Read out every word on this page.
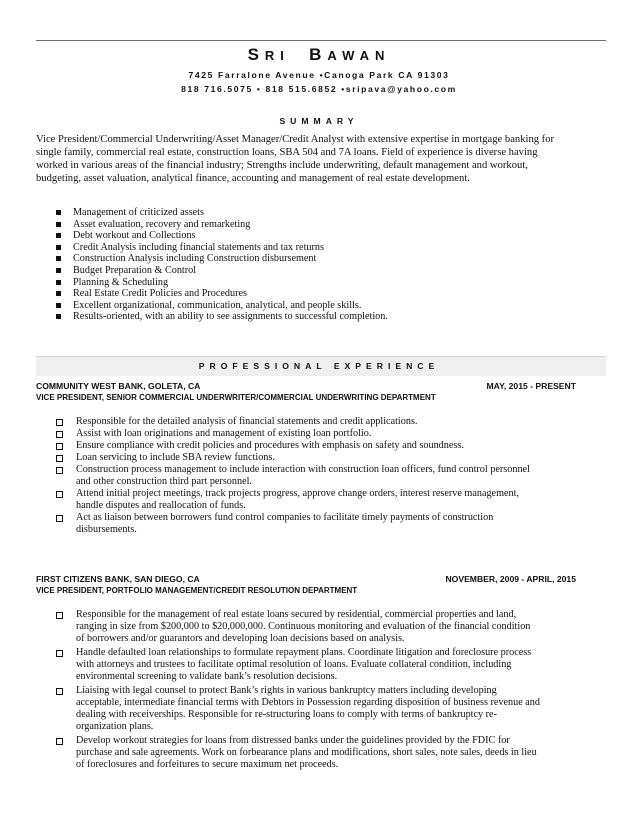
SRI BAWAN
7425 Farralone Avenue •Canoga Park CA 91303
818 716.5075 • 818 515.6852 •sripava@yahoo.com
SUMMARY
Vice President/Commercial Underwriting/Asset Manager/Credit Analyst with extensive expertise in mortgage banking for
single family, commercial real estate, construction loans, SBA 504 and 7A loans. Field of experience is diverse having
worked in various areas of the financial industry; Strengths include underwriting, default management and workout,
budgeting, asset valuation, analytical finance, accounting and management of real estate development.
Management of criticized assets
Asset evaluation, recovery and remarketing
Debt workout and Collections
Credit Analysis including financial statements and tax returns
Construction Analysis including Construction disbursement
Budget Preparation & Control
Planning & Scheduling
Real Estate Credit Policies and Procedures
Excellent organizational, communication, analytical, and people skills.
Results-oriented, with an ability to see assignments to successful completion.
PROFESSIONAL EXPERIENCE
COMMUNITY WEST BANK, GOLETA, CA	MAY, 2015 - PRESENT
VICE PRESIDENT, SENIOR COMMERCIAL UNDERWRITER/COMMERCIAL UNDERWRITING DEPARTMENT
Responsible for the detailed analysis of financial statements and credit applications.
Assist with loan originations and management of existing loan portfolio.
Ensure compliance with credit policies and procedures with emphasis on safety and soundness.
Loan servicing to include SBA review functions.
Construction process management to include interaction with construction loan officers, fund control personnel
and other construction third part personnel.
Attend initial project meetings, track projects progress, approve change orders, interest reserve management,
handle disputes and reallocation of funds.
Act as liaison between borrowers fund control companies to facilitate timely payments of construction
disbursements.
FIRST CITIZENS BANK, SAN DIEGO, CA	NOVEMBER, 2009 - APRIL, 2015
VICE PRESIDENT, PORTFOLIO MANAGEMENT/CREDIT RESOLUTION DEPARTMENT
Responsible for the management of real estate loans secured by residential, commercial properties and land,
ranging in size from $200,000 to $20,000,000. Continuous monitoring and evaluation of the financial condition
of borrowers and/or guarantors and developing loan decisions based on analysis.
Handle defaulted loan relationships to formulate repayment plans. Coordinate litigation and foreclosure process
with attorneys and trustees to facilitate optimal resolution of loans. Evaluate collateral condition, including
environmental screening to validate bank’s resolution decisions.
Liaising with legal counsel to protect Bank’s rights in various bankruptcy matters including developing
acceptable, intermediate financial terms with Debtors in Possession regarding disposition of business revenue and
dealing with receiverships. Responsible for re-structuring loans to comply with terms of bankruptcy re-
organization plans.
Develop workout strategies for loans from distressed banks under the guidelines provided by the FDIC for
purchase and sale agreements. Work on forbearance plans and modifications, short sales, note sales, deeds in lieu
of foreclosures and forfeitures to secure maximum net proceeds.
